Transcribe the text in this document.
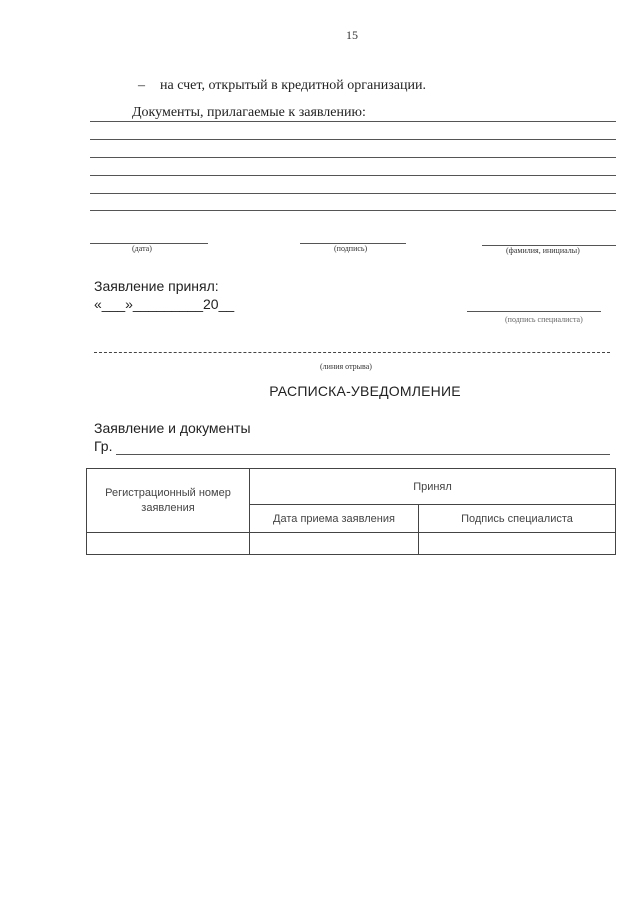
15
– на счет, открытый в кредитной организации.
Документы, прилагаемые к заявлению:
(дата)	(подпись)	(фамилия, инициалы)
Заявление принял:
«___»_________20__
(подпись специалиста)
(линия отрыва)
РАСПИСКА-УВЕДОМЛЕНИЕ
Заявление и документы
Гр.
Регистрационный номер заявления	Принял	
	Дата приема заявления	Подпись специалиста
